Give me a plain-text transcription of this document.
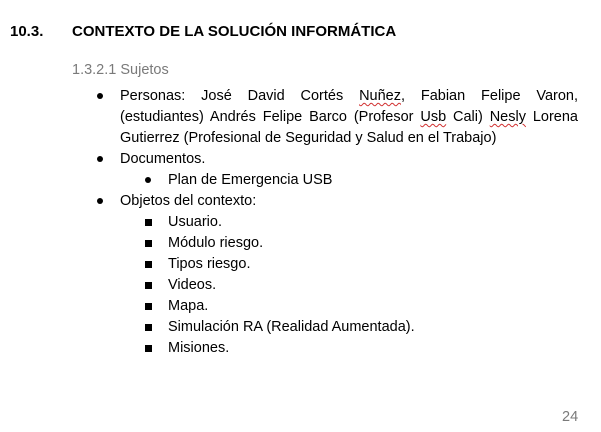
10.3. CONTEXTO DE LA SOLUCIÓN INFORMÁTICA
1.3.2.1 Sujetos
Personas: José David Cortés Nuñez, Fabian Felipe Varon, (estudiantes) Andrés Felipe Barco (Profesor Usb Cali) Nesly Lorena Gutierrez (Profesional de Seguridad y Salud en el Trabajo)
Documentos.
Plan de Emergencia USB
Objetos del contexto:
Usuario.
Módulo riesgo.
Tipos riesgo.
Videos.
Mapa.
Simulación RA (Realidad Aumentada).
Misiones.
24
